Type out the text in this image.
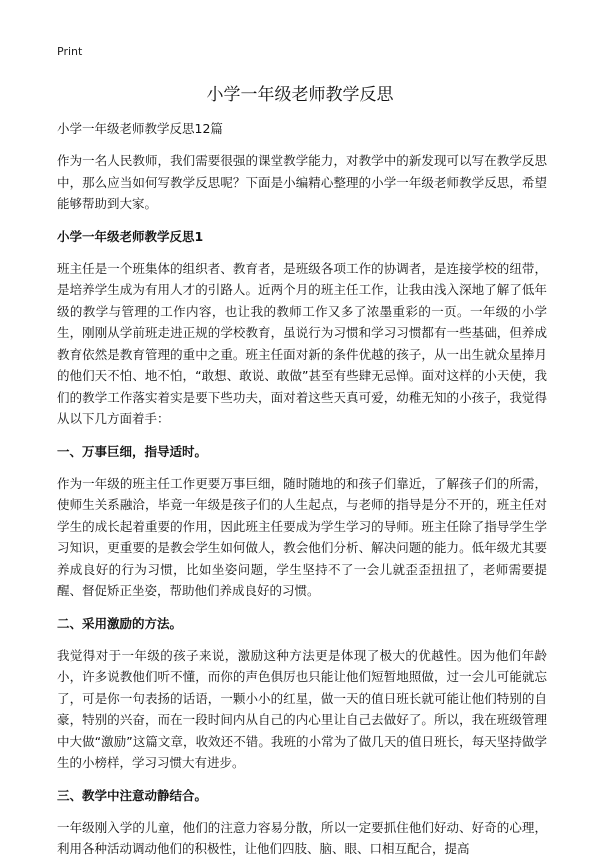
Print
小学一年级老师教学反思

小学一年级老师教学反思12篇

作为一名人民教师，我们需要很强的课堂教学能力，对教学中的新发现可以写在教学反思中，那么应当如何写教学反思呢？下面是小编精心整理的小学一年级老师教学反思，希望能够帮助到大家。

小学一年级老师教学反思1

班主任是一个班集体的组织者、教育者，是班级各项工作的协调者，是连接学校的纽带，是培养学生成为有用人才的引路人。近两个月的班主任工作，让我由浅入深地了解了低年级的教学与管理的工作内容，也让我的教师工作又多了浓墨重彩的一页。一年级的小学生，刚刚从学前班走进正规的学校教育，虽说行为习惯和学习习惯都有一些基础，但养成教育依然是教育管理的重中之重。班主任面对新的条件优越的孩子，从一出生就众星捧月的他们天不怕、地不怕，“敢想、敢说、敢做”甚至有些肆无忌惮。面对这样的小天使，我们的教学工作落实着实是要下些功夫，面对着这些天真可爱，幼稚无知的小孩子，我觉得从以下几方面着手：

一、万事巨细，指导适时。

作为一年级的班主任工作更要万事巨细，随时随地的和孩子们靠近，了解孩子们的所需，使师生关系融洽，毕竟一年级是孩子们的人生起点，与老师的指导是分不开的，班主任对学生的成长起着重要的作用，因此班主任要成为学生学习的导师。班主任除了指导学生学习知识，更重要的是教会学生如何做人，教会他们分析、解决问题的能力。低年级尤其要养成良好的行为习惯，比如坐姿问题，学生坚持不了一会儿就歪歪扭扭了，老师需要提醒、督促矫正坐姿，帮助他们养成良好的习惯。

二、采用激励的方法。

我觉得对于一年级的孩子来说，激励这种方法更是体现了极大的优越性。因为他们年龄小，许多说教他们听不懂，而你的声色俱厉也只能让他们短暂地照做，过一会儿可能就忘了，可是你一句表扬的话语，一颗小小的红星，做一天的值日班长就可能让他们特别的自豪，特别的兴奋，而在一段时间内从自己的内心里让自己去做好了。所以，我在班级管理中大做“激励”这篇文章，收效还不错。我班的小常为了做几天的值日班长，每天坚持做学生的小榜样，学习习惯大有进步。

三、教学中注意动静结合。

一年级刚入学的儿童，他们的注意力容易分散，所以一定要抓住他们好动、好奇的心理，利用各种活动调动他们的积极性，让他们四肢、脑、眼、口相互配合，提高
